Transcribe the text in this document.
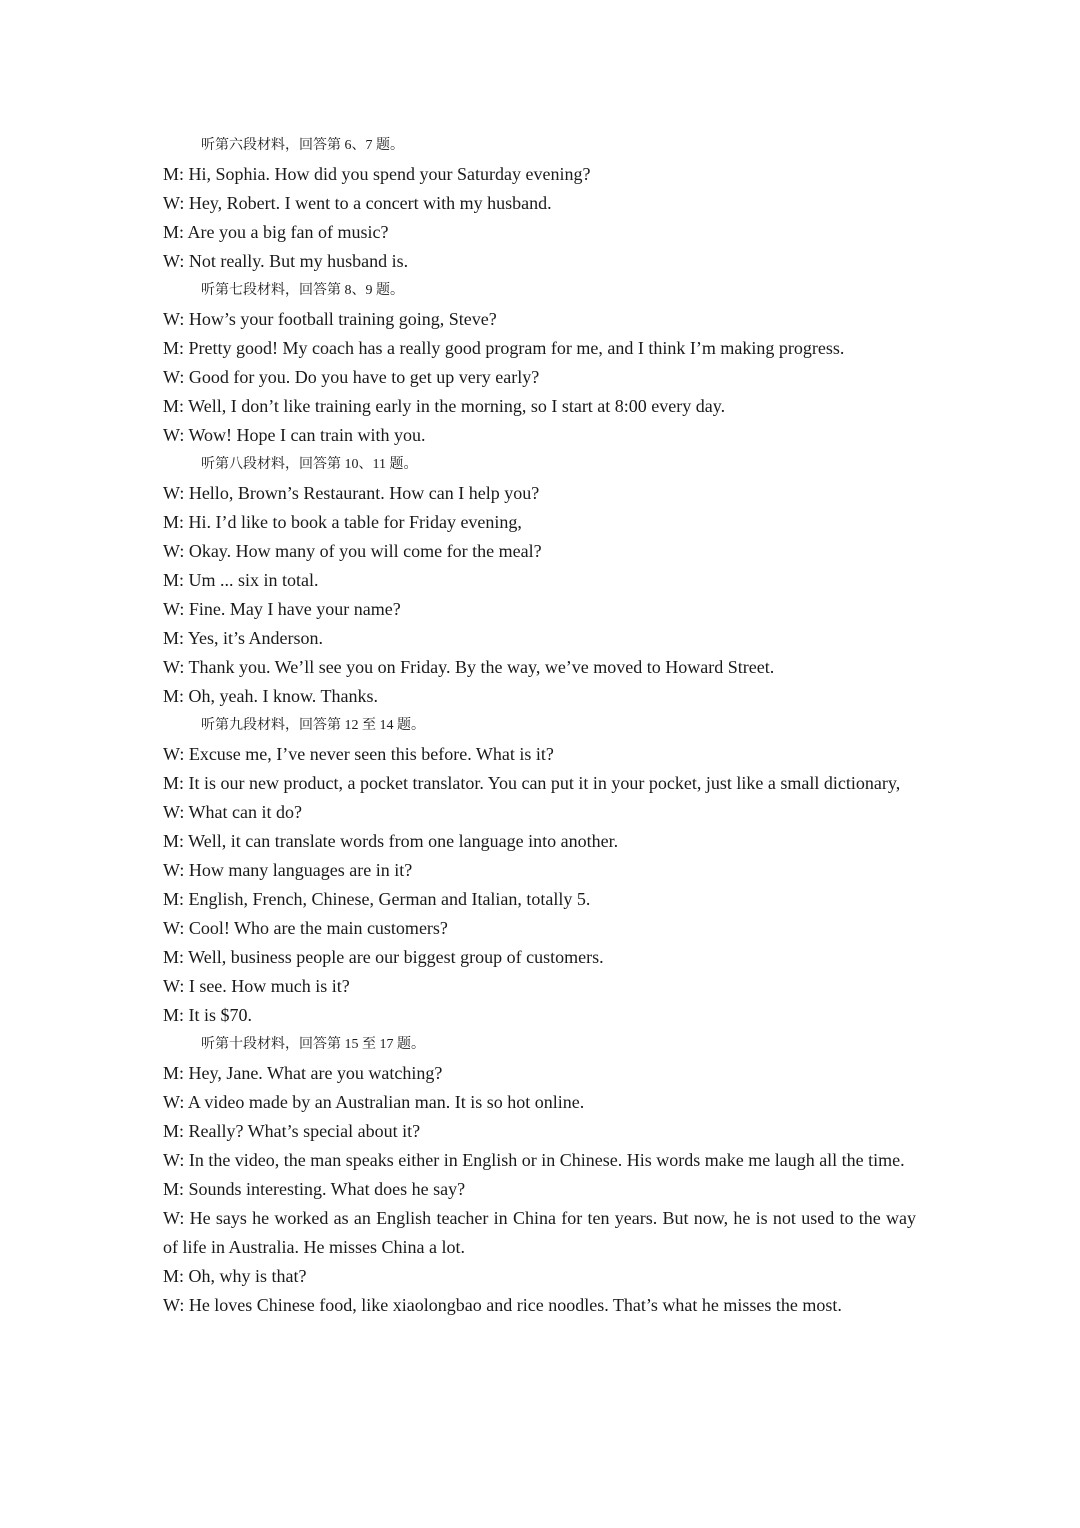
听第六段材料，回答第 6、7 题。
M: Hi, Sophia. How did you spend your Saturday evening?
W: Hey, Robert. I went to a concert with my husband.
M: Are you a big fan of music?
W: Not really. But my husband is.
听第七段材料，回答第 8、9 题。
W: How’s your football training going, Steve?
M: Pretty good! My coach has a really good program for me, and I think I’m making progress.
W: Good for you. Do you have to get up very early?
M: Well, I don’t like training early in the morning, so I start at 8:00 every day.
W: Wow! Hope I can train with you.
听第八段材料，回答第 10、11 题。
W: Hello, Brown’s Restaurant. How can I help you?
M: Hi. I’d like to book a table for Friday evening,
W: Okay. How many of you will come for the meal?
M: Um ... six in total.
W: Fine. May I have your name?
M: Yes, it’s Anderson.
W: Thank you. We’ll see you on Friday. By the way, we’ve moved to Howard Street.
M: Oh, yeah. I know. Thanks.
听第九段材料，回答第 12 至 14 题。
W: Excuse me, I’ve never seen this before. What is it?
M: It is our new product, a pocket translator. You can put it in your pocket, just like a small dictionary,
W: What can it do?
M: Well, it can translate words from one language into another.
W: How many languages are in it?
M: English, French, Chinese, German and Italian, totally 5.
W: Cool! Who are the main customers?
M: Well, business people are our biggest group of customers.
W: I see. How much is it?
M: It is $70.
听第十段材料，回答第 15 至 17 题。
M: Hey, Jane. What are you watching?
W: A video made by an Australian man. It is so hot online.
M: Really? What’s special about it?
W: In the video, the man speaks either in English or in Chinese. His words make me laugh all the time.
M: Sounds interesting. What does he say?
W: He says he worked as an English teacher in China for ten years. But now, he is not used to the way of life in Australia. He misses China a lot.
M: Oh, why is that?
W: He loves Chinese food, like xiaolongbao and rice noodles. That’s what he misses the most.
